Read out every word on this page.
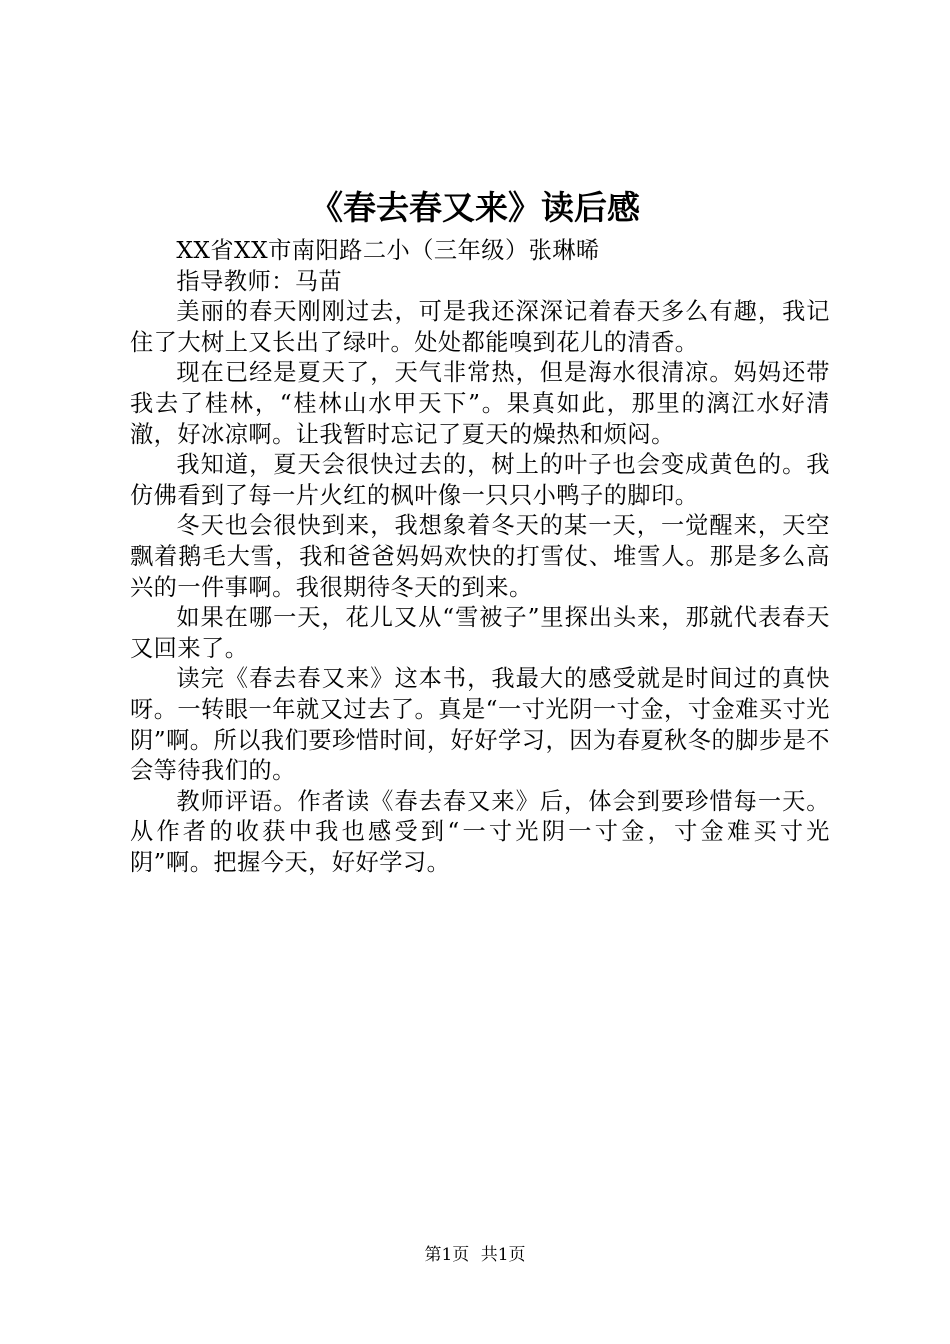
《春去春又来》读后感

XX省XX市南阳路二小（三年级）张琳晞

指导教师：马苗

美丽的春天刚刚过去，可是我还深深记着春天多么有趣，我记住了大树上又长出了绿叶。处处都能嗅到花儿的清香。

现在已经是夏天了，天气非常热，但是海水很清凉。妈妈还带我去了桂林，“桂林山水甲天下”。果真如此，那里的漓江水好清澈，好冰凉啊。让我暂时忘记了夏天的燥热和烦闷。

我知道，夏天会很快过去的，树上的叶子也会变成黄色的。我仿佛看到了每一片火红的枫叶像一只只小鸭子的脚印。

冬天也会很快到来，我想象着冬天的某一天，一觉醒来，天空飘着鹅毛大雪，我和爸爸妈妈欢快的打雪仗、堆雪人。那是多么高兴的一件事啊。我很期待冬天的到来。

如果在哪一天，花儿又从“雪被子”里探出头来，那就代表春天又回来了。

读完《春去春又来》这本书，我最大的感受就是时间过的真快呀。一转眼一年就又过去了。真是“一寸光阴一寸金，寸金难买寸光阴”啊。所以我们要珍惜时间，好好学习，因为春夏秋冬的脚步是不会等待我们的。

教师评语。作者读《春去春又来》后，体会到要珍惜每一天。从作者的收获中我也感受到“一寸光阴一寸金，寸金难买寸光阴”啊。把握今天，好好学习。

第1页 共1页
